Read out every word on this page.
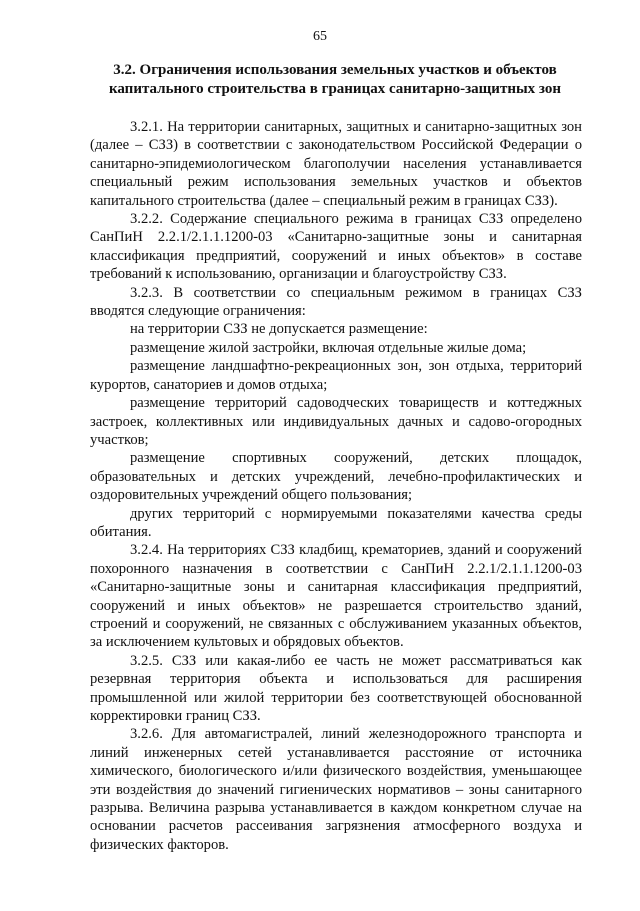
65
3.2. Ограничения использования земельных участков и объектов
капитального строительства в границах санитарно-защитных зон

3.2.1. На территории санитарных, защитных и санитарно-защитных зон (далее – СЗЗ) в соответствии с законодательством Российской Федерации о санитарно-эпидемиологическом благополучии населения устанавливается специальный режим использования земельных участков и объектов капитального строительства (далее – специальный режим в границах СЗЗ).

3.2.2. Содержание специального режима в границах СЗЗ определено СанПиН 2.2.1/2.1.1.1200-03 «Санитарно-защитные зоны и санитарная классификация предприятий, сооружений и иных объектов» в составе требований к использованию, организации и благоустройству СЗЗ.

3.2.3. В соответствии со специальным режимом в границах СЗЗ вводятся следующие ограничения:

на территории СЗЗ не допускается размещение:

размещение жилой застройки, включая отдельные жилые дома;

размещение ландшафтно-рекреационных зон, зон отдыха, территорий курортов, санаториев и домов отдыха;

размещение территорий садоводческих товариществ и коттеджных застроек, коллективных или индивидуальных дачных и садово-огородных участков;

размещение спортивных сооружений, детских площадок, образовательных и детских учреждений, лечебно-профилактических и оздоровительных учреждений общего пользования;

других территорий с нормируемыми показателями качества среды обитания.

3.2.4. На территориях СЗЗ кладбищ, крематориев, зданий и сооружений похоронного назначения в соответствии с СанПиН 2.2.1/2.1.1.1200-03 «Санитарно-защитные зоны и санитарная классификация предприятий, сооружений и иных объектов» не разрешается строительство зданий, строений и сооружений, не связанных с обслуживанием указанных объектов, за исключением культовых и обрядовых объектов.

3.2.5. СЗЗ или какая-либо ее часть не может рассматриваться как резервная территория объекта и использоваться для расширения промышленной или жилой территории без соответствующей обоснованной корректировки границ СЗЗ.

3.2.6. Для автомагистралей, линий железнодорожного транспорта и линий инженерных сетей устанавливается расстояние от источника химического, биологического и/или физического воздействия, уменьшающее эти воздействия до значений гигиенических нормативов – зоны санитарного разрыва. Величина разрыва устанавливается в каждом конкретном случае на основании расчетов рассеивания загрязнения атмосферного воздуха и физических факторов.
